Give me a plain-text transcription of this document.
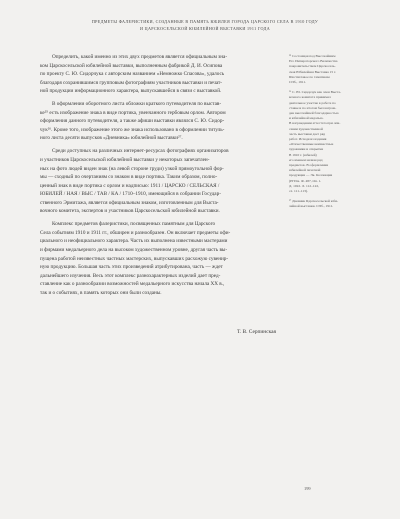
ПРЕДМЕТЫ ФАЛЕРИСТИКИ, СОЗДАННЫЕ В ПАМЯТЬ ЮБИЛЕЯ ГОРОДА ЦАРСКОГО СЕЛА В 1910 ГОДУ
И ЦАРСКОСЕЛЬСКОЙ ЮБИЛЕЙНОЙ ВЫСТАВКИ 1911 ГОДА
Определить, какой именно из этих двух предметов является официальным зна-
ком Царскосельской юбилейной выставки, выполненным фабрикой Д. И. Осипова
по проекту С. Ю. Сидорчука с авторским названием «Немножко Спасова», удалось
благодаря сохранившимся групповым фотографиям участников выставки и печат-
ной продукции информационного характера, выпускавшейся в связи с выставкой.
В оформлении оборотного листа обложки краткого путеводителя по выстав-
ке²⁵ есть изображение знака в виде портика, увенчанного гербовым орлом. Автором
оформления данного путеводителя, а также афиши выставки являлся С. Ю. Сидор-
чук²⁶. Кроме того, изображение этого же знака использовано в оформлении титуль-
ного листа десяти выпусков «Дневника» юбилейной выставки²⁷.
Среди доступных на различных интернет-ресурсах фотографиях организаторов
и участников Царскосельской юбилейной выставки у некоторых запечатлен-
ных на фото людей виден знак (на левой стороне груди) узкой прямоугольной фор-
мы — сходный по очертаниям со знаком в виде портика. Таким образом, полно-
ценный знак в виде портика с орлом и надписью: 1911 / ЦАРСКО / СЕЛЬСКАЯ /
ЮБИЛЕЙ / НАЯ / ВЫС / ТАВ / КА / 1710–1910, имеющийся в собрании Государ-
ственного Эрмитажа, является официальным знаком, изготовленным для Выста-
вочного комитета, экспертов и участников Царскосельской юбилейной выставки.
Комплекс предметов фалеристики, посвященных памятным для Царского
Села событиям 1910 и 1911 гг., обширен и разнообразен. Он включает предметы офи-
циального и неофициального характера. Часть их выполнена известными мастерами
и фирмами медальерного дела на высоком художественном уровне, другая часть вы-
пущена работой неизвестных частных мастерских, выпускавших расхожую сувенир-
ную продукцию. Большая часть этих произведений атрибутирована, часть — ждет
дальнейшего изучения. Весь этот комплекс разнохарактерных изделий дает пред-
ставление как о разнообразии возможностей медальерного искусства начала XX в.,
так и о событиях, в память которых они были созданы.
Т. В. Серпинская
²⁵ Состоящая под Высочайшим
Его Императорского Величества
покровительством Царскосель-
ская Юбилейная Выставка 15 г.
Шестиглавое по тематикам
СПб., 1911.
²⁶ С. Ю. Сидорчук как член Выста-
вочного комитета принимал
деятельное участие в работе по
ставке и по итогам был награж-
ден высочайшей благодарностью
и юбилейной медалью.
В награждении аттестата при опи-
сании художественной
часть выставки дает ряд
работ. Исходя из издания
«Отечественные неизвестные
художники и открытки
В 1910 г. (юбилей)
его именем назван ряд
предметов. В оформлении
юбилейной печатной
продукции — Эк. Коллекция
(РГИА. Ф. 487, Оп. 1.
Д. 1022. Л. 112–122,
сл. 111–113).
²⁷ Дневник Царскосельской юби-
лейной выставки. СПб., 1911.
199
